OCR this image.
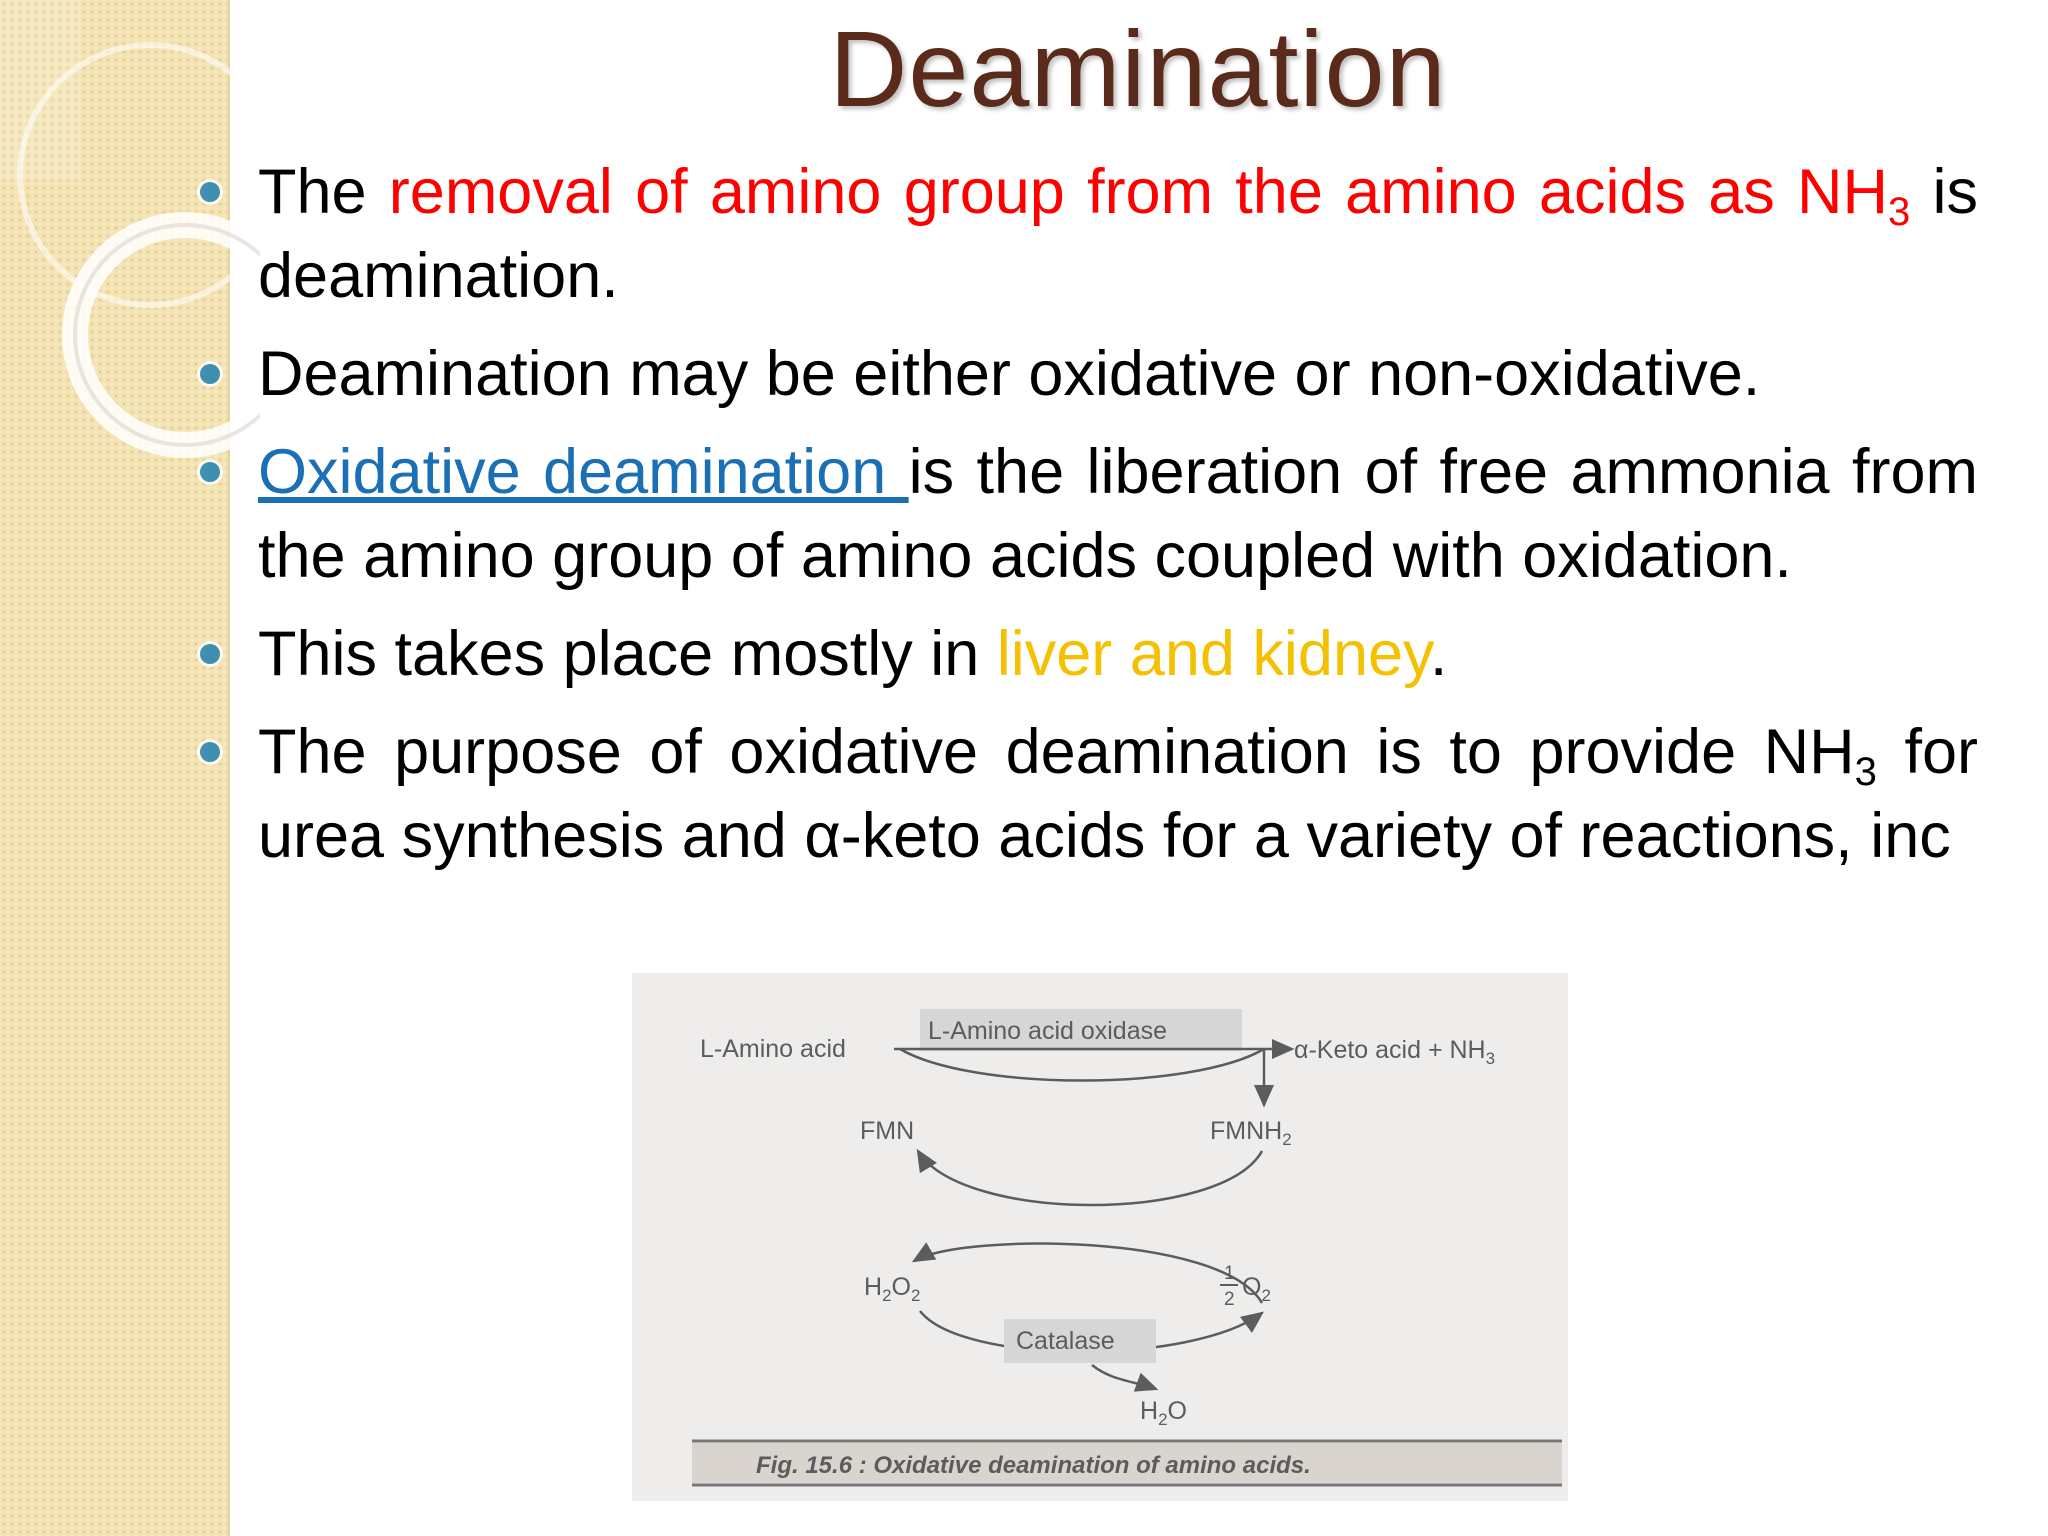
Deamination
The removal of amino group from the amino acids as $NH_3$ is deamination.
Deamination may be either oxidative or non-oxidative.
Oxidative deamination is the liberation of free ammonia from the amino group of amino acids coupled with oxidation.
This takes place mostly in liver and kidney.
The purpose of oxidative deamination is to provide $NH_3$ for urea synthesis and α-keto acids for a variety of reactions, inc
L-Amino acid oxidase
L-Amino acid	α-Keto acid + $NH_3$
FMN	$FMNH_2$
$H_2O_2$
1
2 $O_2$
Catalase
$H_2O$
Fig. 15.6 : Oxidative deamination of amino acids.
